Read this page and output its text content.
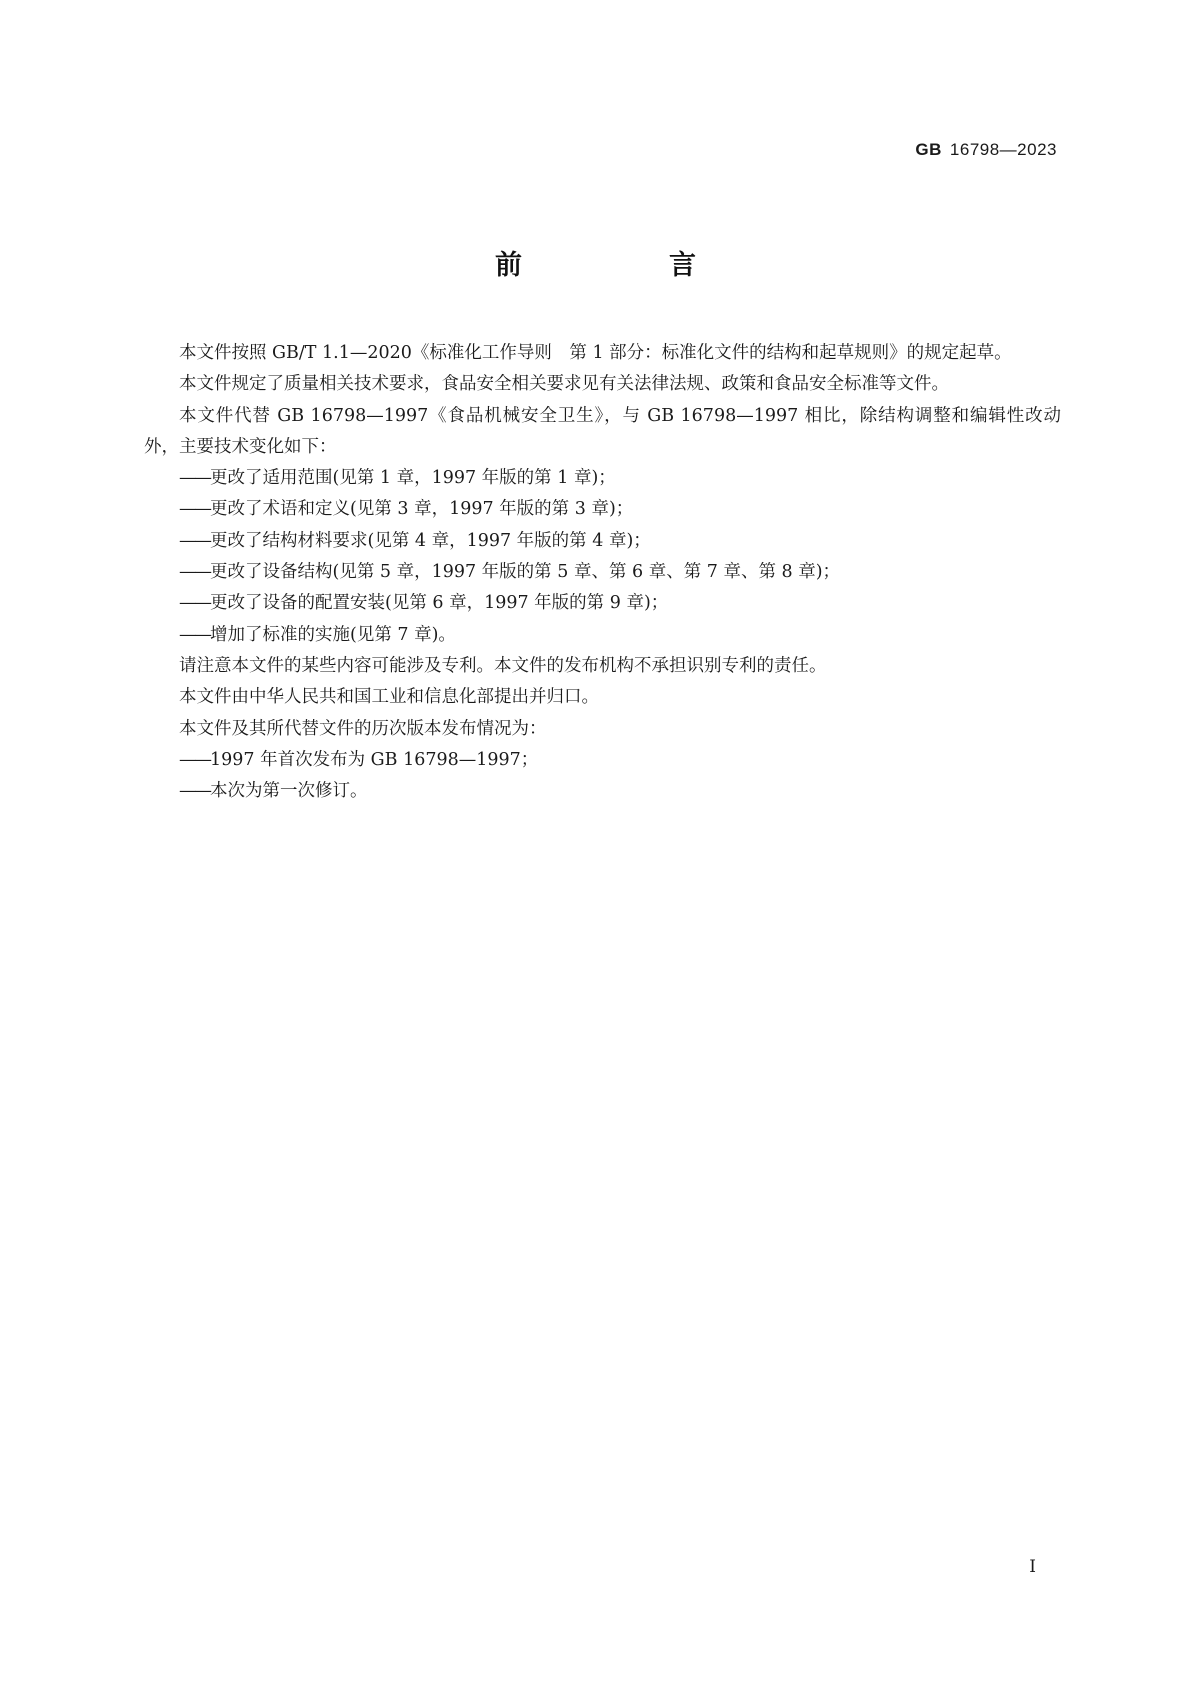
GB 16798—2023
前　言

本文件按照 GB/T 1.1—2020《标准化工作导则　第 1 部分：标准化文件的结构和起草规则》的规定起草。

本文件规定了质量相关技术要求，食品安全相关要求见有关法律法规、政策和食品安全标准等文件。

本文件代替 GB 16798—1997《食品机械安全卫生》，与 GB 16798—1997 相比，除结构调整和编辑性改动外，主要技术变化如下：

——更改了适用范围(见第 1 章，1997 年版的第 1 章)；

——更改了术语和定义(见第 3 章，1997 年版的第 3 章)；

——更改了结构材料要求(见第 4 章，1997 年版的第 4 章)；

——更改了设备结构(见第 5 章，1997 年版的第 5 章、第 6 章、第 7 章、第 8 章)；

——更改了设备的配置安装(见第 6 章，1997 年版的第 9 章)；

——增加了标准的实施(见第 7 章)。

请注意本文件的某些内容可能涉及专利。本文件的发布机构不承担识别专利的责任。

本文件由中华人民共和国工业和信息化部提出并归口。

本文件及其所代替文件的历次版本发布情况为：

——1997 年首次发布为 GB 16798—1997；

——本次为第一次修订。

I
